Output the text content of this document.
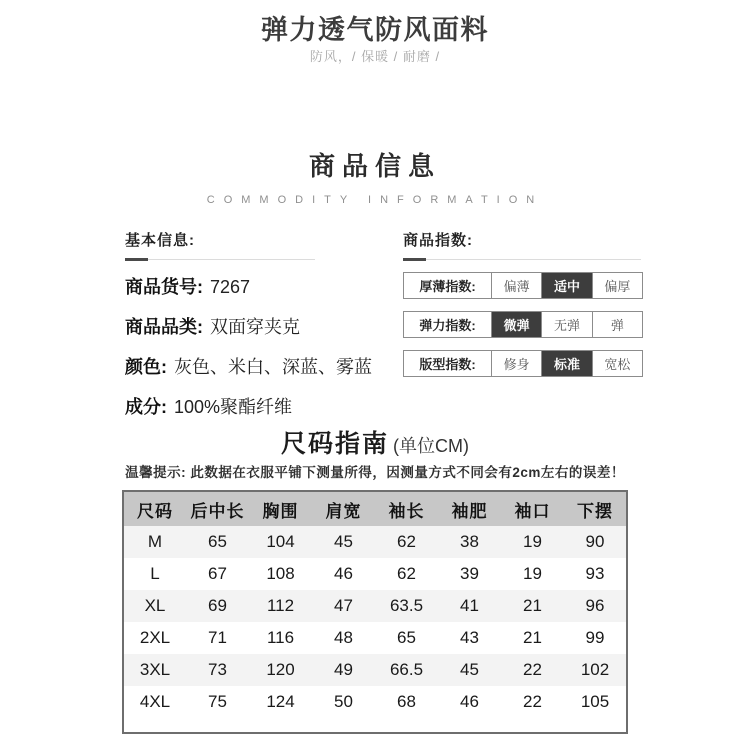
弹力透气防风面料
防风，/ 保暖 / 耐磨 /
商品信息
COMMODITY INFORMATION
基本信息:
商品货号: 7267
商品品类: 双面穿夹克
颜色: 灰色、米白、深蓝、雾蓝
成分: 100%聚酯纤维
商品指数:
厚薄指数:	偏薄	适中	偏厚
弹力指数:	微弹	无弹	弹
版型指数:	修身	标准	宽松
尺码指南 (单位CM)
温馨提示: 此数据在衣服平铺下测量所得，因测量方式不同会有2cm左右的误差！
尺码	后中长	胸围	肩宽	袖长	袖肥	袖口	下摆
M	65	104	45	62	38	19	90
L	67	108	46	62	39	19	93
XL	69	112	47	63.5	41	21	96
2XL	71	116	48	65	43	21	99
3XL	73	120	49	66.5	45	22	102
4XL	75	124	50	68	46	22	105
